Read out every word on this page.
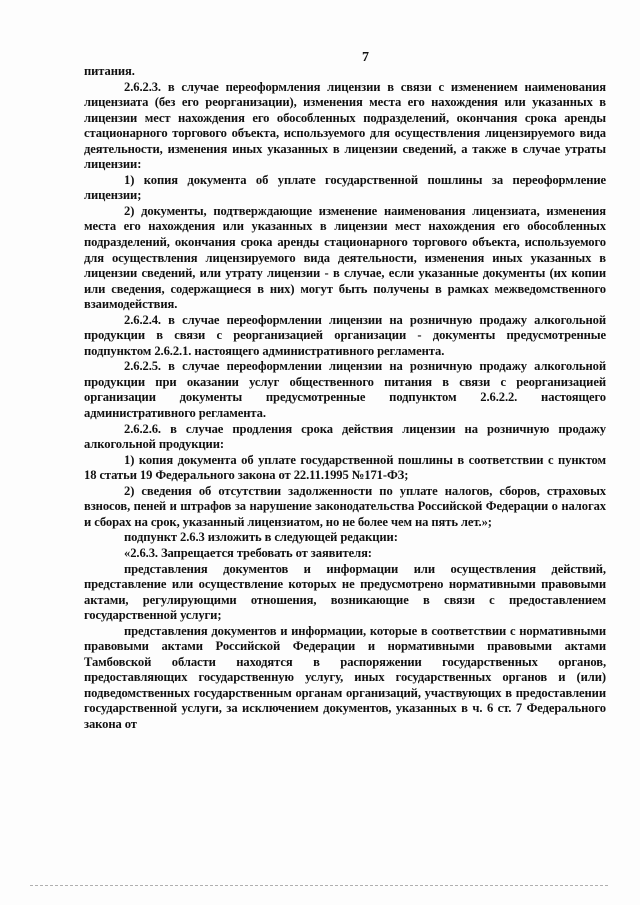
7

питания.

2.6.2.3. в случае переоформления лицензии в связи с изменением наименования лицензиата (без его реорганизации), изменения места его нахождения или указанных в лицензии мест нахождения его обособленных подразделений, окончания срока аренды стационарного торгового объекта, используемого для осуществления лицензируемого вида деятельности, изменения иных указанных в лицензии сведений, а также в случае утраты лицензии:

1) копия документа об уплате государственной пошлины за переоформление лицензии;

2) документы, подтверждающие изменение наименования лицензиата, изменения места его нахождения или указанных в лицензии мест нахождения его обособленных подразделений, окончания срока аренды стационарного торгового объекта, используемого для осуществления лицензируемого вида деятельности, изменения иных указанных в лицензии сведений, или утрату лицензии - в случае, если указанные документы (их копии или сведения, содержащиеся в них) могут быть получены в рамках межведомственного взаимодействия.

2.6.2.4. в случае переоформлении лицензии на розничную продажу алкогольной продукции в связи с реорганизацией организации - документы предусмотренные подпунктом 2.6.2.1. настоящего административного регламента.

2.6.2.5. в случае переоформлении лицензии на розничную продажу алкогольной продукции при оказании услуг общественного питания в связи с реорганизацией организации документы предусмотренные подпунктом 2.6.2.2. настоящего административного регламента.

2.6.2.6. в случае продления срока действия лицензии на розничную продажу алкогольной продукции:

1) копия документа об уплате государственной пошлины в соответствии с пунктом 18 статьи 19 Федерального закона от 22.11.1995 №171-ФЗ;

2) сведения об отсутствии задолженности по уплате налогов, сборов, страховых взносов, пеней и штрафов за нарушение законодательства Российской Федерации о налогах и сборах на срок, указанный лицензиатом, но не более чем на пять лет.»;

подпункт 2.6.3 изложить в следующей редакции:

«2.6.3. Запрещается требовать от заявителя:

представления документов и информации или осуществления действий, представление или осуществление которых не предусмотрено нормативными правовыми актами, регулирующими отношения, возникающие в связи с предоставлением государственной услуги;

представления документов и информации, которые в соответствии с нормативными правовыми актами Российской Федерации и нормативными правовыми актами Тамбовской области находятся в распоряжении государственных органов, предоставляющих государственную услугу, иных государственных органов и (или) подведомственных государственным органам организаций, участвующих в предоставлении государственной услуги, за исключением документов, указанных в ч. 6 ст. 7 Федерального закона от
